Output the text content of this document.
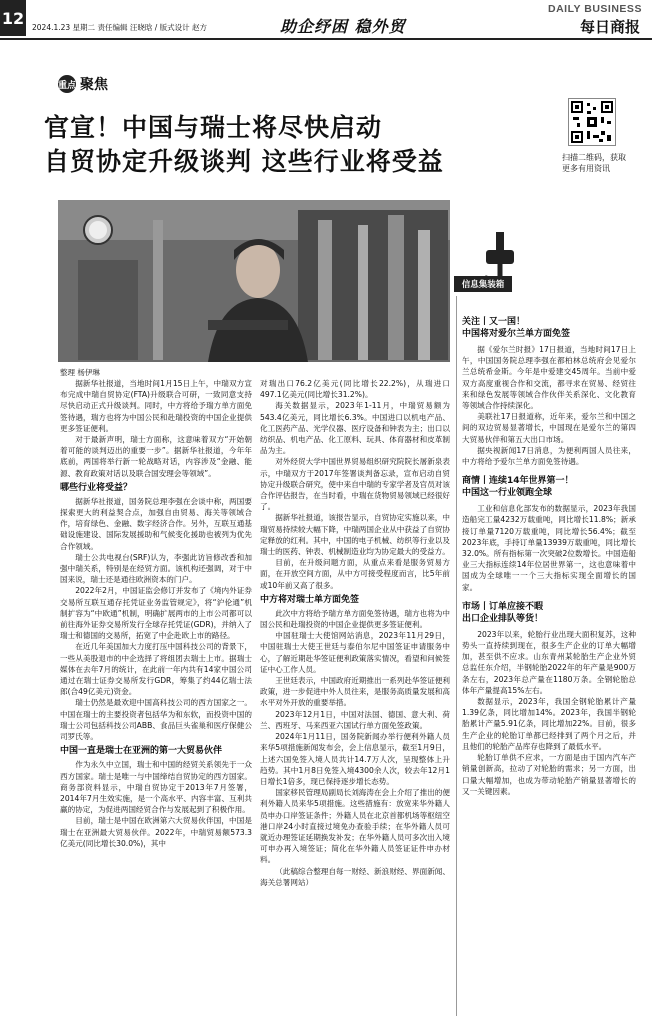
12 2024.1.23 星期二 责任编辑 汪晓晗 / 版式设计 赵方	助企纾困 稳外贸
DAILY BUSINESS
每日商报
重点 聚焦
官宣！中国与瑞士将尽快启动
自贸协定升级谈判 这些行业将受益	扫描二维码，获取更多有用资讯
整理 杨伊琳
信息集装箱

据新华社报道，当地时间1月15日上午，中瑞双方宣布完成中瑞自贸协定(FTA)升级联合可研，一致同意支持尽快启动正式升级谈判。同时，中方将给予瑞方单方面免签待遇，瑞方也将为中国公民和赴瑞投资的中国企业提供更多签证便利。

对于最新声明，瑞士方面称，这意味着双方“开始朝着可能的谈判迈出的重要一步”。据新华社报道，今年年底前，两国将举行新一轮战略对话，内容涉及“金融、能源、教育政策对话以及联合国安理会等领域”。

哪些行业将受益？

据新华社报道，国务院总理李强在会谈中称，两国要探索更大的利益契合点，加强自由贸易、海关等领域合作，培育绿色、金融、数字经济合作。另外，互联互通基础设施建设、国际发展援助和气候变化援助也被列为优先合作领域。

瑞士公共电视台(SRF)认为，李强此访旨修改香和加强中瑞关系，特别是在经贸方面。该机构还强调，对于中国来说，瑞士还是通往欧洲资本的门户。

2022年2月，中国证监会修订并发布了《境内外证券交易所互联互通存托凭证业务监管规定》，将“沪伦通”机制扩容为“中欧通”机制，明确扩展两市的上市公司都可以前往海外证券交易所发行全球存托凭证(GDR)，并纳入了瑞士和德国的交易所，拓宽了中企赴欧上市的路径。

在近几年美国加大力度打压中国科技公司的背景下，一些从美股退市的中企选择了将组团去瑞士上市。据瑞士媒体在去年7月的统计，在此前一年内共有14家中国公司通过在瑞士证券交易所发行GDR，筹集了约44亿瑞士法郎(合49亿美元)资金。

瑞士仍然是最欢迎中国高科技公司的西方国家之一。中国在瑞士的主要投资者包括华为和东软，而投资中国的瑞士公司包括科技公司ABB、食品巨头雀巢和医疗保健公司罗氏等。

中国一直是瑞士在亚洲的第一大贸易伙伴

作为永久中立国，瑞士和中国的经贸关系领先于一众西方国家。瑞士是唯一与中国缔结自贸协定的西方国家。商务部资料显示，中瑞自贸协定于2013年7月签署，2014年7月生效实施，是一个高水平、内容丰富、互利共赢的协定，为促进两国经贸合作与发展起到了积极作用。

目前，瑞士是中国在欧洲第六大贸易伙伴国，中国是瑞士在亚洲最大贸易伙伴。2022年，中瑞贸易额573.3亿美元(同比增长30.0%)，其中

对瑞出口76.2亿美元(同比增长22.2%)，从瑞进口497.1亿美元(同比增长31.2%)。

海关数据显示，2023年1-11月，中瑞贸易额为543.4亿美元，同比增长6.3%。中国进口以机电产品、化工医药产品、光学仪器、医疗设备和钟表为主；出口以纺织品、机电产品、化工原料、玩具、体育器材和皮革制品为主。

对外经贸大学中国世界贸易组织研究院院长屠新泉表示，中瑞双方于2017年签署谈判备忘录，宣布启动自贸协定升级联合研究，使中来自中瑞的专家学者及官员对该合作评估报告，在当时看，中瑞在货物贸易领域已经很好了。

据新华社报道，该报告显示，自贸协定实施以来，中瑞贸易持续较大幅下降，中瑞两国企业从中获益了自贸协定释放的红利。其中，中国的电子机械、纺织等行业以及瑞士的医药、钟表、机械制造业均为协定最大的受益方。

目前，在升级问题方面，从重点来看是服务贸易方面，在开放空间方面，从中方可接受程度而言，比5年前或10年前又高了很多。

中方将对瑞士单方面免签

此次中方将给予瑞方单方面免签待遇，瑞方也将为中国公民和赴瑞投资的中国企业提供更多签证便利。

中国驻瑞士大使馆网站消息，2023年11月29日，中国驻瑞士大使王世廷与泰伯尔尼中国签证申请服务中心，了解近期赴华签证便利政策落实情况，看望和问候签证中心工作人员。

王世廷表示，中国政府近期推出一系列赴华签证便利政策，进一步促进中外人员往来，是服务高质量发展和高水平对外开放的重要举措。

2023年12月1日，中国对法国、德国、意大利、荷兰、西班牙、马来西亚六国试行单方面免签政策。

2024年1月11日，国务院新闻办举行便利外籍人员来华5项措施新闻发布会，会上信息显示，截至1月9日，上述六国免签入境人员共计14.7万人次，呈现整体上升趋势。其中1月8日免签入境4300余人次，较去年12月1日增长1倍多，现已保持逐步增长态势。

国家移民管理局副局长刘海涛在会上介绍了推出的便利外籍人员来华5项措施。这些措施有：放宽来华外籍人员申办口岸签证条件；外籍人员在北京首都机场等枢纽空港口岸24小时直接过境免办查验手续；在华外籍人员可就近办理签证延期换发补发；在华外籍人员可多次出入境可申办再入境签证；简化在华外籍人员签证证件申办材料。

（此稿综合整理自每一财经、新浪财经、界面新闻、海关总署网站）

关注丨又一国！
中国将对爱尔兰单方面免签

据《爱尔兰时报》17日报道，当地时间17日上午，中国国务院总理李强在都柏林总统府会见爱尔兰总统希金斯。今年是中爱建交45周年。当前中爱双方高度重视合作和交流，都寻求在贸易、经贸往来和绿色发展等领域合作伙伴关系深化、文化教育等领域合作持续深化。

美联社17日报道称，近年来，爱尔兰和中国之间的双边贸易显著增长，中国现在是爱尔兰的第四大贸易伙伴和第五大出口市场。

据央视新闻17日消息，为便利两国人员往来，中方将给予爱尔兰单方面免签待遇。

商情丨连续14年世界第一！
中国这一行业领跑全球

工业和信息化部发布的数据显示，2023年我国造船完工量4232万载重吨，同比增长11.8%；新承接订单量7120万载重吨，同比增长56.4%；截至2023年底，手持订单量13939万载重吨，同比增长32.0%。所有指标第一次突破2位数增长。中国造船业三大指标连续14年位居世界第一，这也意味着中国成为全球唯一一个三大指标实现全面增长的国家。

市场丨订单应接不暇
出口企业排队等货！

2023年以来，轮胎行业出现大面积复苏，这种势头一直持续到现在，很多生产企业的订单大幅增加，甚至供不应求。山东青州某轮胎生产企业外贸总监任东介绍，半钢轮胎2022年的年产量是900万条左右，2023年总产量在1180万条。全钢轮胎总体年产量提高15%左右。

数据显示，2023年，我国全钢轮胎累计产量1.39亿条，同比增加14%。2023年，我国半钢轮胎累计产量5.91亿条，同比增加22%。目前，很多生产企业的轮胎订单都已经排到了两个月之后，并且他们的轮胎产品库存也降到了最低水平。

轮胎订单供不应求，一方面是由于国内汽车产销量创新高，拉动了对轮胎的需求；另一方面，出口量大幅增加，也成为带动轮胎产销量显著增长的又一关键因素。
